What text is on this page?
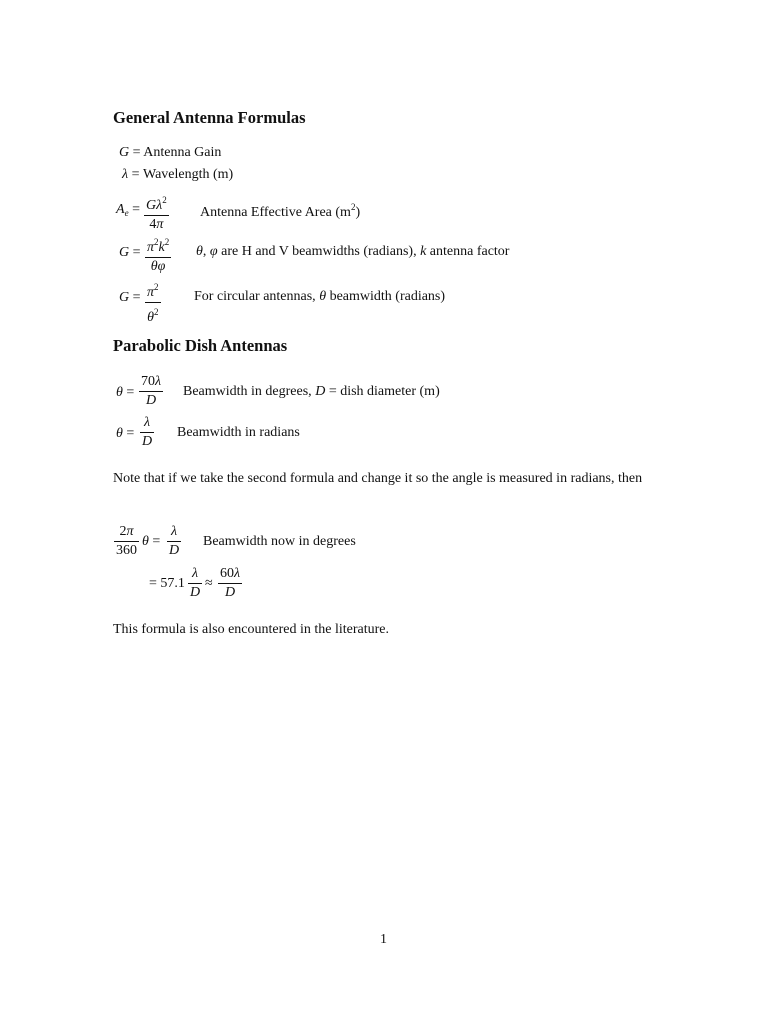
General Antenna Formulas
G = Antenna Gain
λ = Wavelength (m)
$A_e = \frac{G\lambda^2}{4\pi}$ Antenna Effective Area $(m^2)$
$G = \frac{\pi^2k^2}{\theta\varphi} \theta$, φ are H and V beamwidths (radians), k antenna factor
$G = \frac{\pi^2}{\theta^2}$ For circular antennas, θ beamwidth (radians)
Parabolic Dish Antennas
$\theta = \frac{70\lambda}{D}$ Beamwidth in degrees, D = dish diameter (m)
$\theta = \frac{\lambda}{D}$ Beamwidth in radians
Note that if we take the second formula and change it so the angle is measured in radians, then
$\frac{2\pi}{360}$ $\theta = \frac{\lambda}{D}$ Beamwidth now in degrees
= $57.1 \frac{\lambda}{D} \approx \frac{60\lambda}{D}$
This formula is also encountered in the literature.
1
